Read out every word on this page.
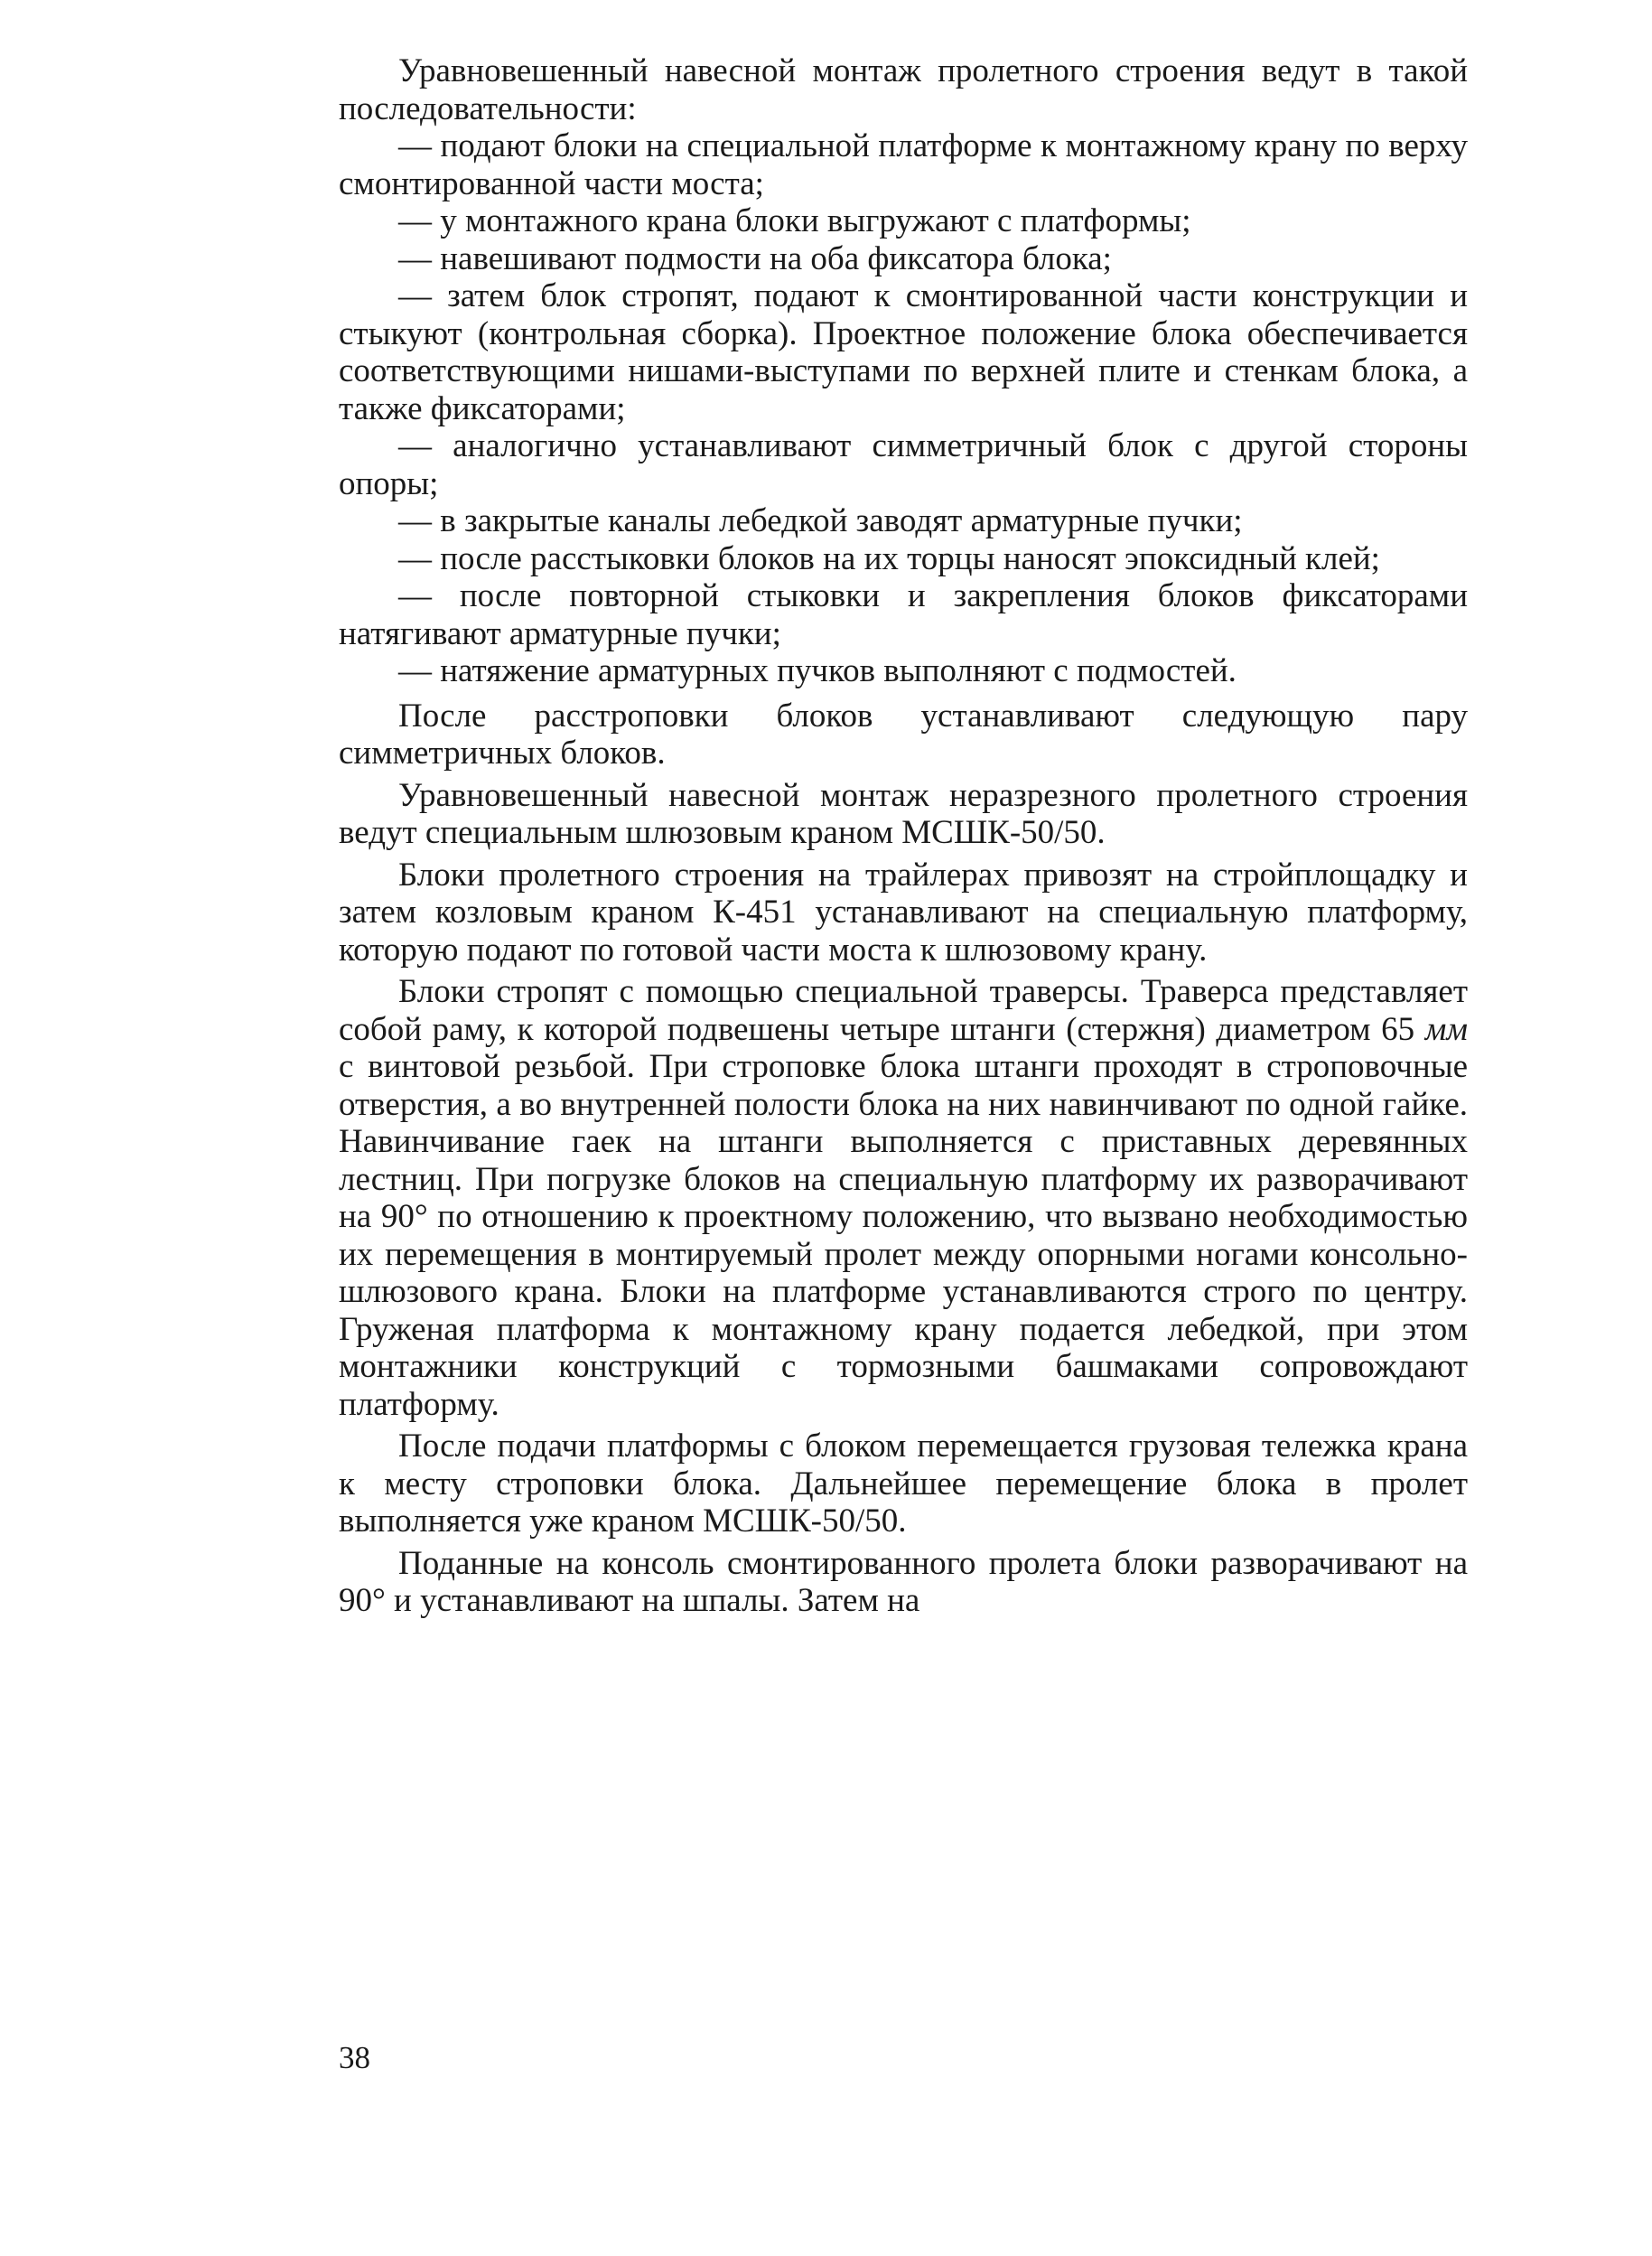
Уравновешенный навесной монтаж пролетного строения ведут в такой последовательности:

— подают блоки на специальной платформе к монтажному крану по верху смонтированной части моста;

— у монтажного крана блоки выгружают с платформы;

— навешивают подмости на оба фиксатора блока;

— затем блок стропят, подают к смонтированной части конструкции и стыкуют (контрольная сборка). Проектное положение блока обеспечивается соответствующими нишами-выступами по верхней плите и стенкам блока, а также фиксаторами;

— аналогично устанавливают симметричный блок с другой стороны опоры;

— в закрытые каналы лебедкой заводят арматурные пучки;

— после расстыковки блоков на их торцы наносят эпоксидный клей;

— после повторной стыковки и закрепления блоков фиксаторами натягивают арматурные пучки;

— натяжение арматурных пучков выполняют с подмостей.

После расстроповки блоков устанавливают следующую пару симметричных блоков.

Уравновешенный навесной монтаж неразрезного пролетного строения ведут специальным шлюзовым краном МСШК-50/50.

Блоки пролетного строения на трайлерах привозят на стройплощадку и затем козловым краном К-451 устанавливают на специальную платформу, которую подают по готовой части моста к шлюзовому крану.

Блоки стропят с помощью специальной траверсы. Траверса представляет собой раму, к которой подвешены четыре штанги (стержня) диаметром 65 мм с винтовой резьбой. При строповке блока штанги проходят в строповочные отверстия, а во внутренней полости блока на них навинчивают по одной гайке. Навинчивание гаек на штанги выполняется с приставных деревянных лестниц. При погрузке блоков на специальную платформу их разворачивают на 90° по отношению к проектному положению, что вызвано необходимостью их перемещения в монтируемый пролет между опорными ногами консольно-шлюзового крана. Блоки на платформе устанавливаются строго по центру. Груженая платформа к монтажному крану подается лебедкой, при этом монтажники конструкций с тормозными башмаками сопровождают платформу.

После подачи платформы с блоком перемещается грузовая тележка крана к месту строповки блока. Дальнейшее перемещение блока в пролет выполняется уже краном МСШК-50/50.

Поданные на консоль смонтированного пролета блоки разворачивают на 90° и устанавливают на шпалы. Затем на

38
